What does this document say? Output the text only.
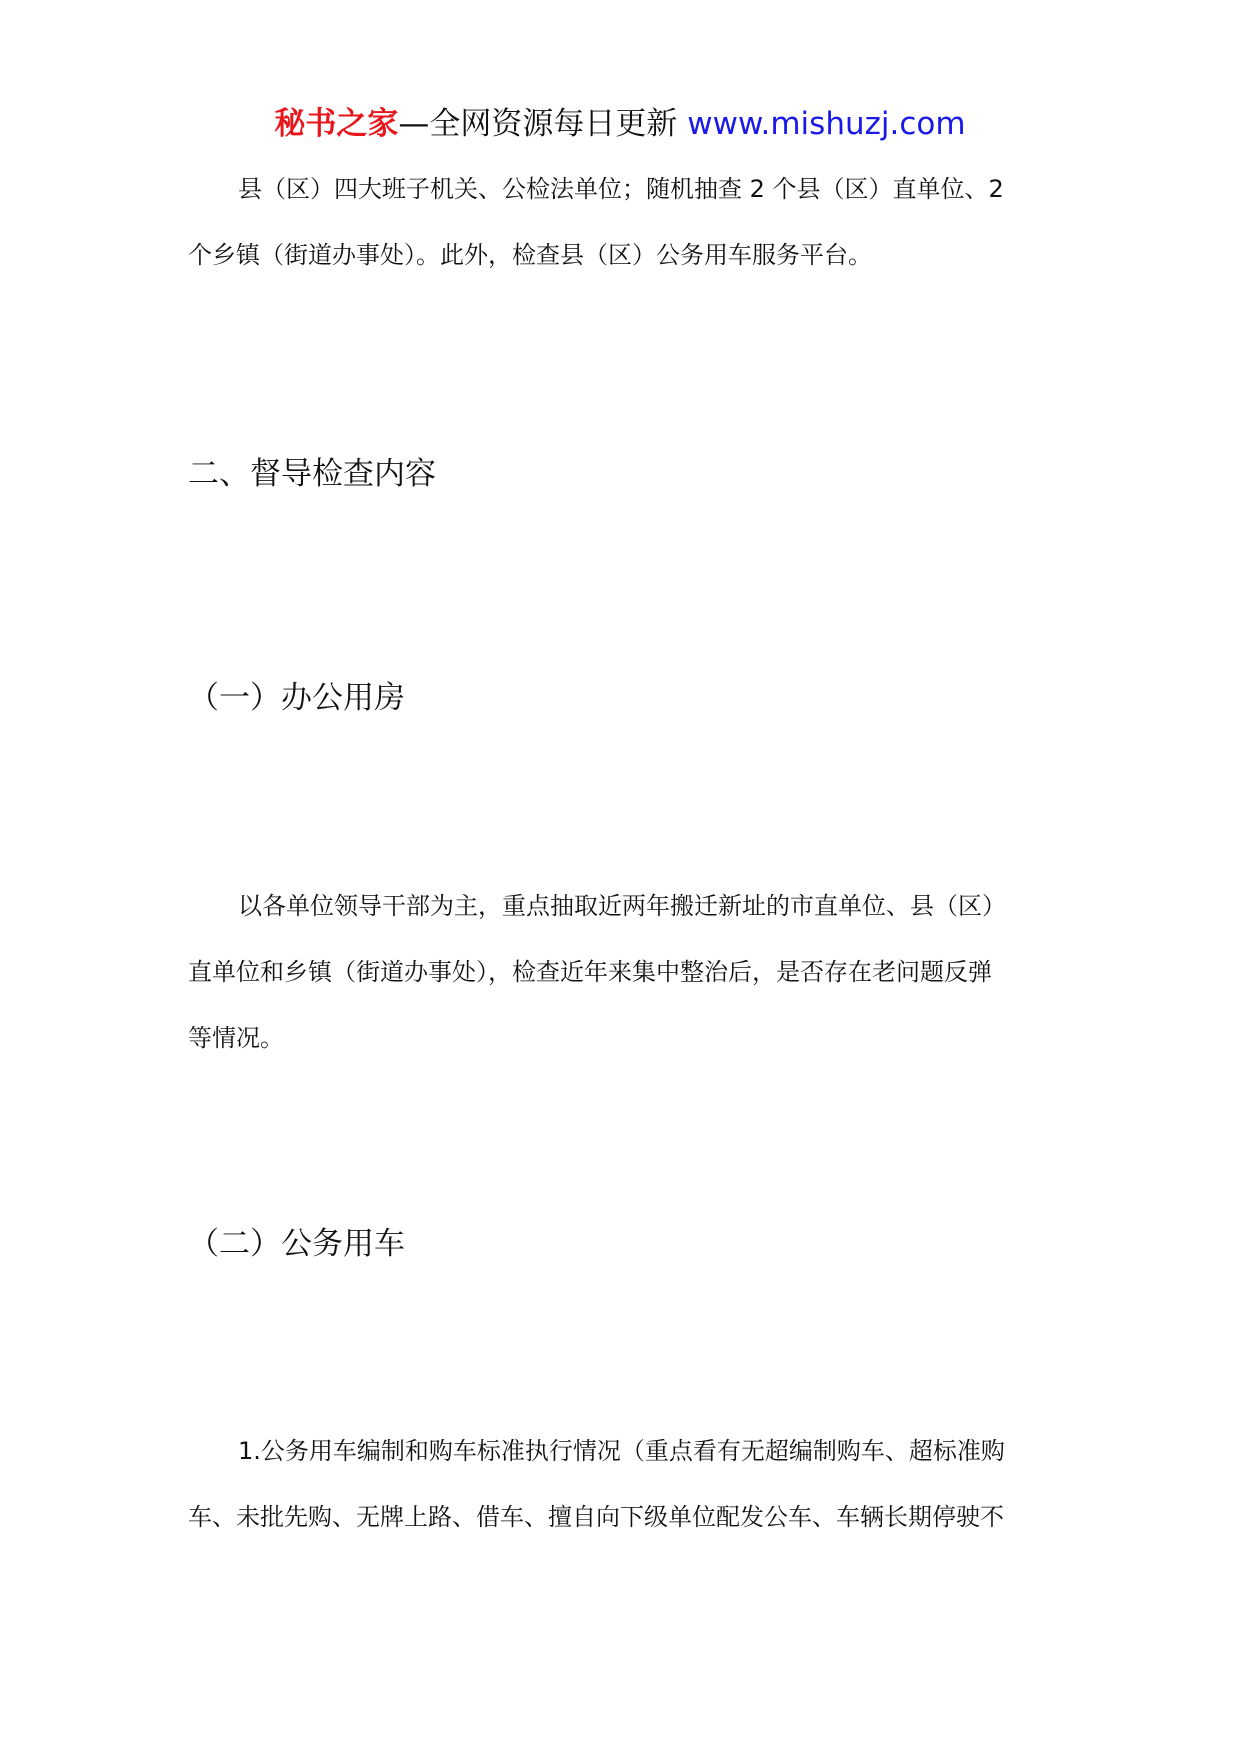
秘书之家—全网资源每日更新 www.mishuzj.com

县（区）四大班子机关、公检法单位；随机抽查 2 个县（区）直单位、2
个乡镇（街道办事处）。此外，检查县（区）公务用车服务平台。

二、督导检查内容
（一）办公用房

以各单位领导干部为主，重点抽取近两年搬迁新址的市直单位、县（区）
直单位和乡镇（街道办事处），检查近年来集中整治后，是否存在老问题反弹
等情况。

（二）公务用车

1.公务用车编制和购车标准执行情况（重点看有无超编制购车、超标准购
车、未批先购、无牌上路、借车、擅自向下级单位配发公车、车辆长期停驶不
